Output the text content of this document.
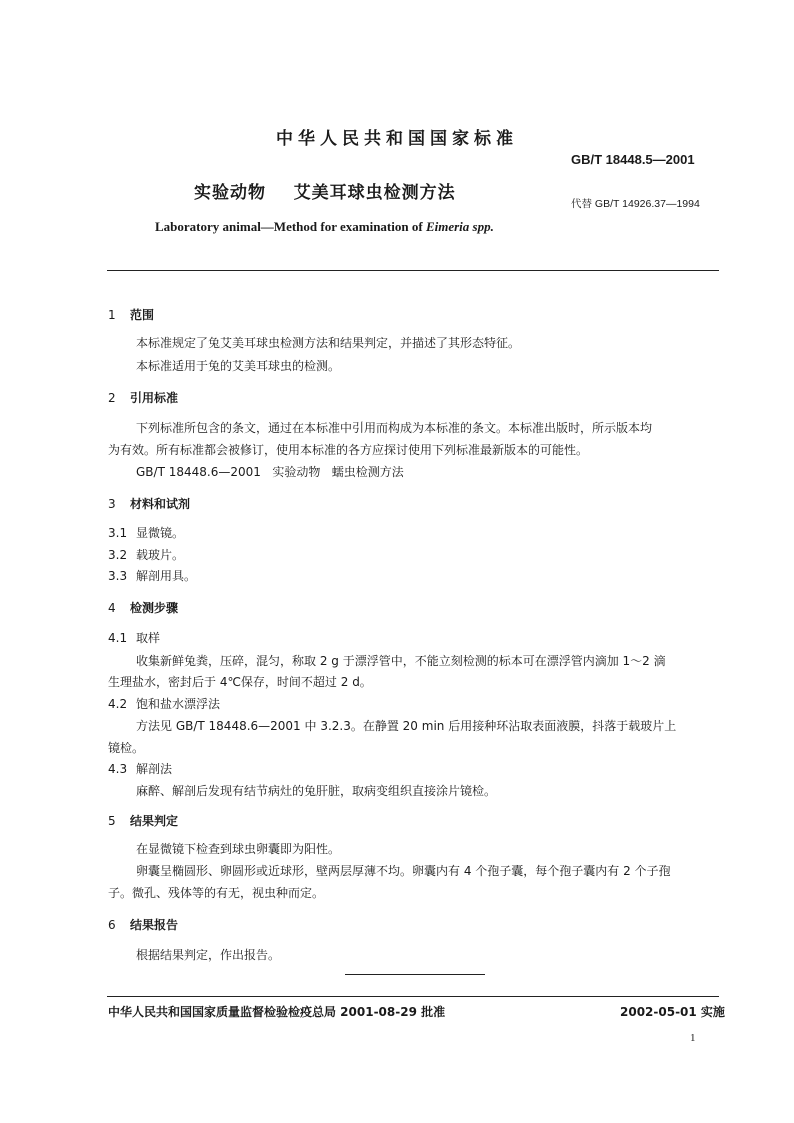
中华人民共和国国家标准
GB/T 18448.5—2001
实验动物    艾美耳球虫检测方法
代替 GB/T 14926.37—1994
Laboratory animal—Method for examination of Eimeria spp.
1 范围
本标准规定了兔艾美耳球虫检测方法和结果判定，并描述了其形态特征。
本标准适用于兔的艾美耳球虫的检测。
2 引用标准
下列标准所包含的条文，通过在本标准中引用而构成为本标准的条文。本标准出版时，所示版本均
为有效。所有标准都会被修订，使用本标准的各方应探讨使用下列标准最新版本的可能性。
GB/T 18448.6—2001   实验动物   蠕虫检测方法
3 材料和试剂
3.1 显微镜。
3.2 载玻片。
3.3 解剖用具。
4 检测步骤
4.1 取样
收集新鲜兔粪，压碎，混匀，称取 2 g 于漂浮管中，不能立刻检测的标本可在漂浮管内滴加 1～2 滴
生理盐水，密封后于 4℃保存，时间不超过 2 d。
4.2 饱和盐水漂浮法
方法见 GB/T 18448.6—2001 中 3.2.3。在静置 20 min 后用接种环沾取表面液膜，抖落于载玻片上
镜检。
4.3 解剖法
麻醉、解剖后发现有结节病灶的兔肝脏，取病变组织直接涂片镜检。
5 结果判定
在显微镜下检查到球虫卵囊即为阳性。
卵囊呈椭圆形、卵圆形或近球形，壁两层厚薄不均。卵囊内有 4 个孢子囊，每个孢子囊内有 2 个子孢
子。微孔、残体等的有无，视虫种而定。
6 结果报告
根据结果判定，作出报告。
中华人民共和国国家质量监督检验检疫总局 2001-08-29 批准	2002-05-01 实施
1
